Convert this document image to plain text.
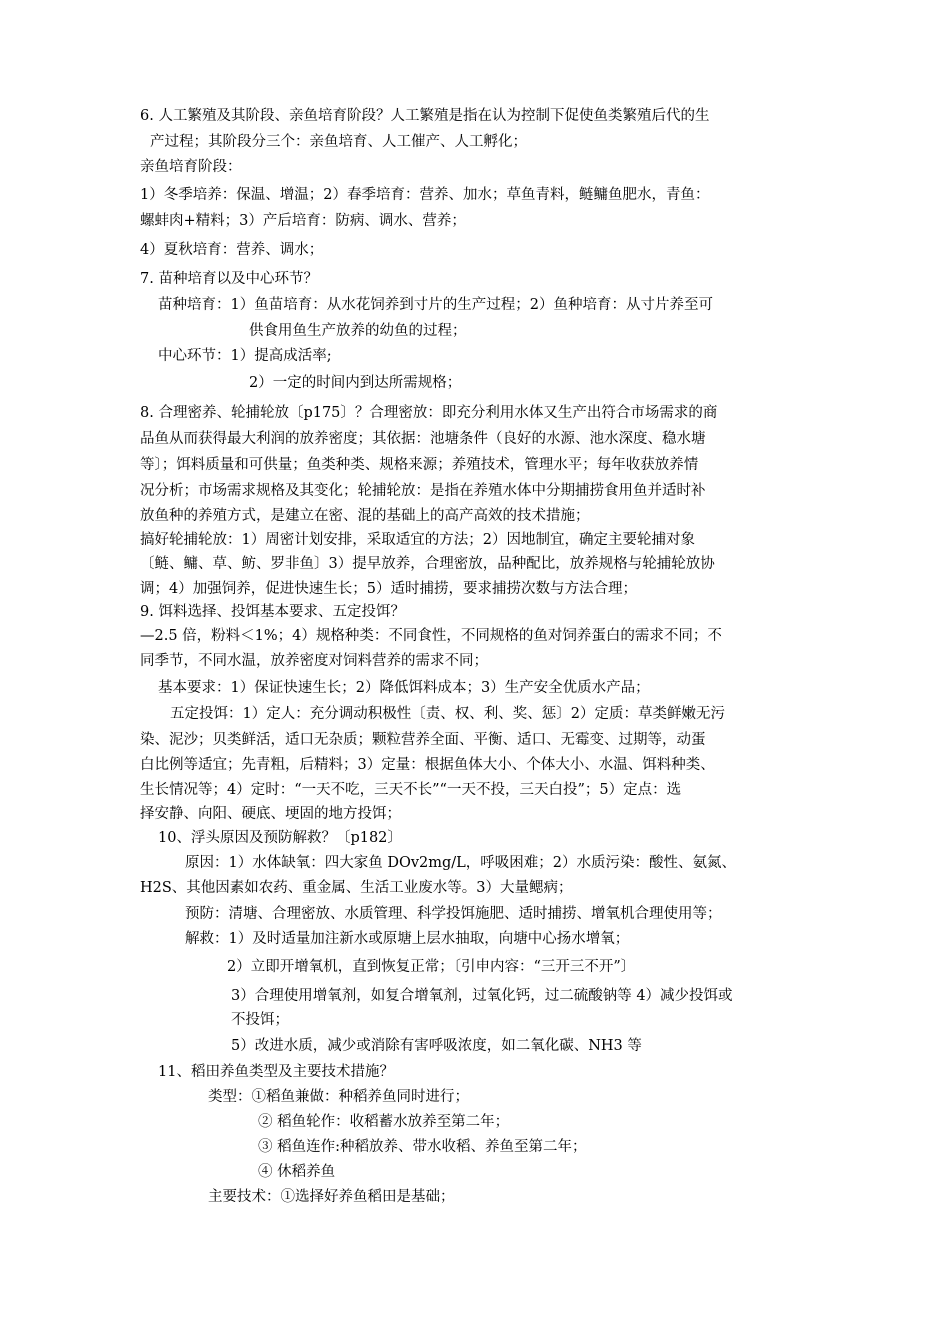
6. 人工繁殖及其阶段、亲鱼培育阶段？人工繁殖是指在认为控制下促使鱼类繁殖后代的生
产过程；其阶段分三个：亲鱼培育、人工催产、人工孵化；
亲鱼培育阶段：
1）冬季培养：保温、增温；2）春季培育：营养、加水；草鱼青料，鲢鳙鱼肥水，青鱼：
螺蚌肉+精料；3）产后培育：防病、调水、营养；
4）夏秋培育：营养、调水；
7. 苗种培育以及中心环节？
苗种培育：1）鱼苗培育：从水花饲养到寸片的生产过程；2）鱼种培育：从寸片养至可
供食用鱼生产放养的幼鱼的过程；
中心环节：1）提高成活率;
2）一定的时间内到达所需规格；
8. 合理密养、轮捕轮放〔p175〕？合理密放：即充分利用水体又生产出符合市场需求的商
品鱼从而获得最大利润的放养密度；其依据：池塘条件（良好的水源、池水深度、稳水塘
等〕；饵料质量和可供量；鱼类种类、规格来源；养殖技术，管理水平；每年收获放养情
况分析；市场需求规格及其变化；轮捕轮放：是指在养殖水体中分期捕捞食用鱼并适时补
放鱼种的养殖方式，是建立在密、混的基础上的高产高效的技术措施；
搞好轮捕轮放：1）周密计划安排，采取适宜的方法；2）因地制宜，确定主要轮捕对象
〔鲢、鳙、草、鲂、罗非鱼〕3）提早放养，合理密放，品种配比，放养规格与轮捕轮放协
调；4）加强饲养，促进快速生长；5）适时捕捞，要求捕捞次数与方法合理；
9. 饵料选择、投饵基本要求、五定投饵？
—2.5 倍，粉料＜1%；4）规格种类：不同食性，不同规格的鱼对饲养蛋白的需求不同；不
同季节，不同水温，放养密度对饲料营养的需求不同；
基本要求：1）保证快速生长；2）降低饵料成本；3）生产安全优质水产品；
五定投饵：1）定人：充分调动积极性〔责、权、利、奖、惩〕2）定质：草类鲜嫩无污
染、泥沙；贝类鲜活，适口无杂质；颗粒营养全面、平衡、适口、无霉变、过期等，动蛋
白比例等适宜；先青粗，后精料；3）定量：根据鱼体大小、个体大小、水温、饵料种类、
生长情况等；4）定时：“一天不吃，三天不长”“一天不投，三天白投”；5）定点：选
择安静、向阳、硬底、埂固的地方投饵；
10、浮头原因及预防解救？〔p182〕
原因：1）水体缺氧：四大家鱼 DOv2mg/L，呼吸困难；2）水质污染：酸性、氨氮、
H2S、其他因素如农药、重金属、生活工业废水等。3）大量鳃病；
预防：清塘、合理密放、水质管理、科学投饵施肥、适时捕捞、增氧机合理使用等；
解救：1）及时适量加注新水或原塘上层水抽取，向塘中心扬水增氧；
2）立即开增氧机，直到恢复正常；〔引申内容：“三开三不开”〕
3）合理使用增氧剂，如复合增氧剂，过氧化钙，过二硫酸钠等 4）减少投饵或
不投饵；
5）改进水质，减少或消除有害呼吸浓度，如二氧化碳、NH3 等
11、稻田养鱼类型及主要技术措施？
类型：①稻鱼兼做：种稻养鱼同时进行；
② 稻鱼轮作：收稻蓄水放养至第二年；
③ 稻鱼连作:种稻放养、带水收稻、养鱼至第二年；
④ 休稻养鱼
主要技术：①选择好养鱼稻田是基础；
